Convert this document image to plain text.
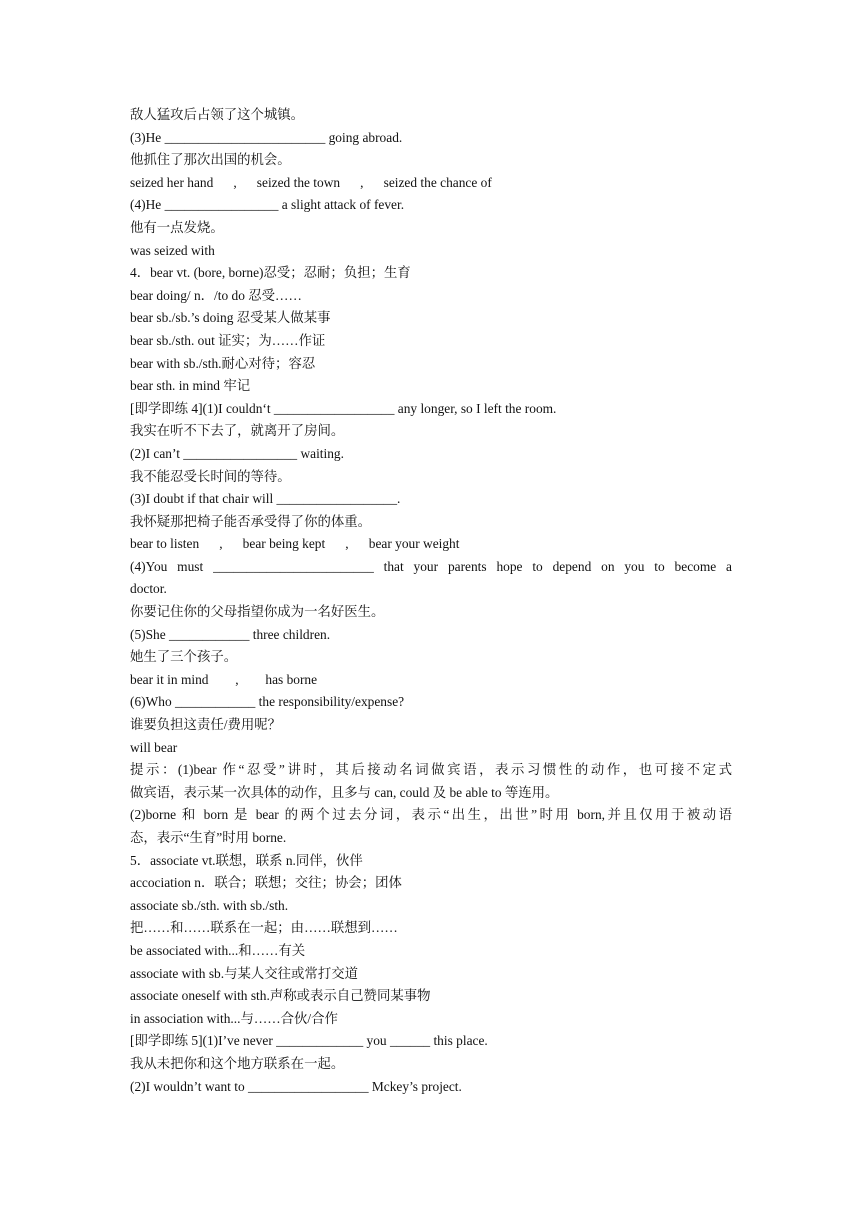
敌人猛攻后占领了这个城镇。
(3)He ________________________ going abroad.
他抓住了那次出国的机会。
seized her hand      ,      seized the town      ,      seized the chance of
(4)He _________________ a slight attack of fever.
他有一点发烧。
was seized with
4．bear vt. (bore, borne)忍受；忍耐；负担；生育
bear doing/ n．/to do 忍受……
bear sb./sb.’s doing 忍受某人做某事
bear sb./sth. out 证实；为……作证
bear with sb./sth.耐心对待；容忍
bear sth. in mind 牢记
[即学即练 4](1)I couldn‘t __________________ any longer, so I left the room.
我实在听不下去了，就离开了房间。
(2)I can’t _________________ waiting.
我不能忍受长时间的等待。
(3)I doubt if that chair will __________________.
我怀疑那把椅子能否承受得了你的体重。
bear to listen      ,      bear being kept      ,      bear your weight
(4)You must ________________________ that your parents hope to depend on you to become a
doctor.
你要记住你的父母指望你成为一名好医生。
(5)She ____________ three children.
她生了三个孩子。
bear it in mind        ,        has borne
(6)Who ____________ the responsibility/expense?
谁要负担这责任/费用呢？
will bear
提示：(1)bear 作“忍受”讲时，其后接动名词做宾语，表示习惯性的动作，也可接不定式
做宾语，表示某一次具体的动作，且多与 can, could 及 be able to 等连用。
(2)borne 和 born 是 bear 的两个过去分词，表示“出生，出世”时用 born,并且仅用于被动语
态，表示“生育”时用 borne.
5．associate vt.联想，联系 n.同伴，伙伴
accociation n．联合；联想；交往；协会；团体
associate sb./sth. with sb./sth.
把……和……联系在一起；由……联想到……
be associated with...和……有关
associate with sb.与某人交往或常打交道
associate oneself with sth.声称或表示自己赞同某事物
in association with...与……合伙/合作
[即学即练 5](1)I’ve never _____________ you ______ this place.
我从未把你和这个地方联系在一起。
(2)I wouldn’t want to __________________ Mckey’s project.
